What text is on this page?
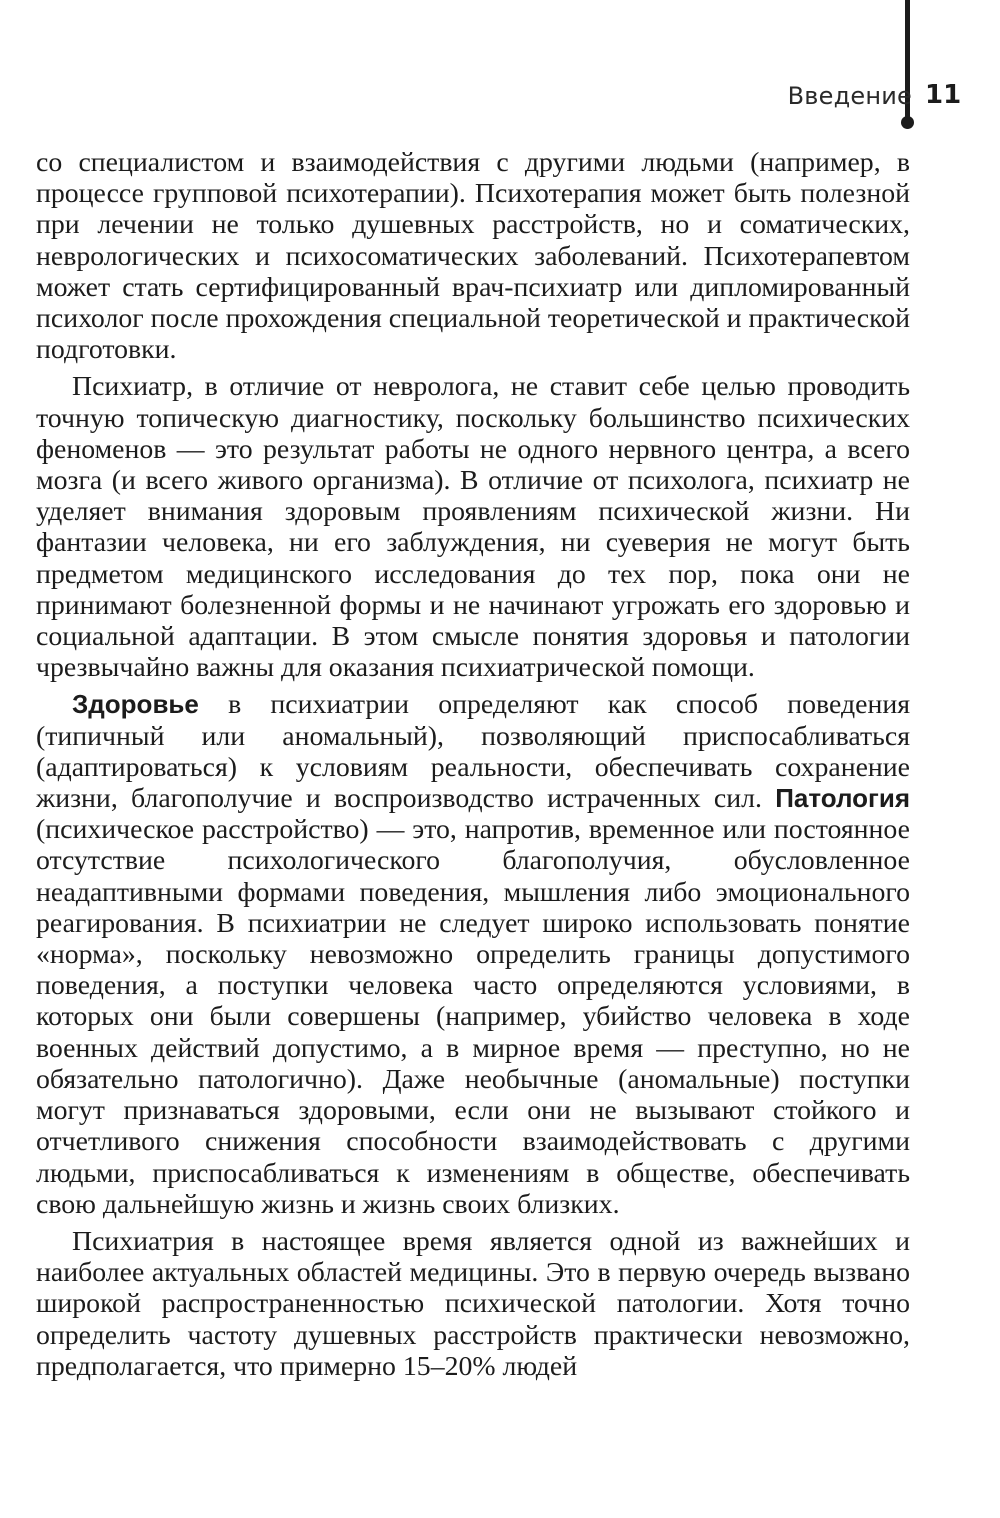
Введение 11

со специалистом и взаимодействия с другими людьми (например, в процессе групповой психотерапии). Психотерапия может быть полезной при лечении не только душевных расстройств, но и соматических, неврологических и психосоматических заболеваний. Психотерапевтом может стать сертифицированный врач-психиатр или дипломированный психолог после прохождения специальной теоретической и практической подготовки.

Психиатр, в отличие от невролога, не ставит себе целью проводить точную топическую диагностику, поскольку большинство психических феноменов — это результат работы не одного нервного центра, а всего мозга (и всего живого организма). В отличие от психолога, психиатр не уделяет внимания здоровым проявлениям психической жизни. Ни фантазии человека, ни его заблуждения, ни суеверия не могут быть предметом медицинского исследования до тех пор, пока они не принимают болезненной формы и не начинают угрожать его здоровью и социальной адаптации. В этом смысле понятия здоровья и патологии чрезвычайно важны для оказания психиатрической помощи.

Здоровье в психиатрии определяют как способ поведения (типичный или аномальный), позволяющий приспосабливаться (адаптироваться) к условиям реальности, обеспечивать сохранение жизни, благополучие и воспроизводство истраченных сил. Патология (психическое расстройство) — это, напротив, временное или постоянное отсутствие психологического благополучия, обусловленное неадаптивными формами поведения, мышления либо эмоционального реагирования. В психиатрии не следует широко использовать понятие «норма», поскольку невозможно определить границы допустимого поведения, а поступки человека часто определяются условиями, в которых они были совершены (например, убийство человека в ходе военных действий допустимо, а в мирное время — преступно, но не обязательно патологично). Даже необычные (аномальные) поступки могут признаваться здоровыми, если они не вызывают стойкого и отчетливого снижения способности взаимодействовать с другими людьми, приспосабливаться к изменениям в обществе, обеспечивать свою дальнейшую жизнь и жизнь своих близких.

Психиатрия в настоящее время является одной из важнейших и наиболее актуальных областей медицины. Это в первую очередь вызвано широкой распространенностью психической патологии. Хотя точно определить частоту душевных расстройств практически невозможно, предполагается, что примерно 15–20% людей
